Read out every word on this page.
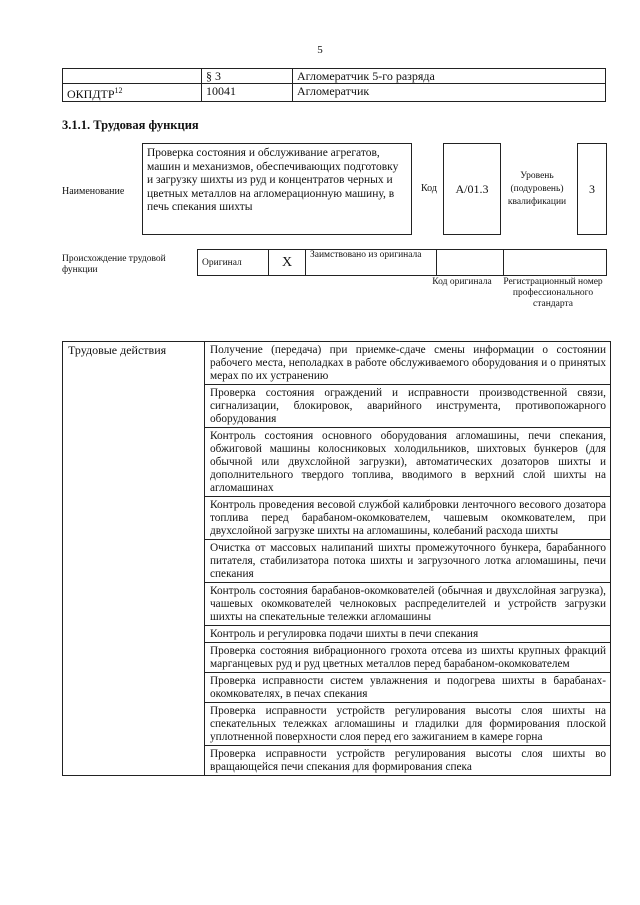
5
	§ 3	Агломератчик 5-го разряда
ОКПДТР$^{12}$	10041	Агломератчик
3.1.1. Трудовая функция
Наименование
Проверка состояния и обслуживание агрегатов, машин и механизмов, обеспечивающих подготовку и загрузку шихты из руд и концентратов черных и цветных металлов на агломерационную машину, в печь спекания шихты
Код А/01.3
Уровень (подуровень) квалификации
3
Происхождение трудовой функции
Оригинал	X	Заимствовано из оригинала		
Код оригинала	Регистрационный номер профессионального стандарта
Трудовые действия	Получение (передача) при приемке-сдаче смены информации о состоянии рабочего места, неполадках в работе обслуживаемого оборудования и о принятых мерах по их устранению
Проверка состояния ограждений и исправности производственной связи, сигнализации, блокировок, аварийного инструмента, противопожарного оборудования
Контроль состояния основного оборудования агломашины, печи спекания, обжиговой машины колосниковых холодильников, шихтовых бункеров (для обычной или двухслойной загрузки), автоматических дозаторов шихты и дополнительного твердого топлива, вводимого в верхний слой шихты на агломашинах
Контроль проведения весовой службой калибровки ленточного весового дозатора топлива перед барабаном-окомкователем, чашевым окомкователем, при двухслойной загрузке шихты на агломашины, колебаний расхода шихты
Очистка от массовых налипаний шихты промежуточного бункера, барабанного питателя, стабилизатора потока шихты и загрузочного лотка агломашины, печи спекания
Контроль состояния барабанов-окомкователей (обычная и двухслойная загрузка), чашевых окомкователей челноковых распределителей и устройств загрузки шихты на спекательные тележки агломашины
Контроль и регулировка подачи шихты в печи спекания
Проверка состояния вибрационного грохота отсева из шихты крупных фракций марганцевых руд и руд цветных металлов перед барабаном-окомкователем
Проверка исправности систем увлажнения и подогрева шихты в барабанах-окомкователях, в печах спекания
Проверка исправности устройств регулирования высоты слоя шихты на спекательных тележках агломашины и гладилки для формирования плоской уплотненной поверхности слоя перед его зажиганием в камере горна
Проверка исправности устройств регулирования высоты слоя шихты во вращающейся печи спекания для формирования спека
